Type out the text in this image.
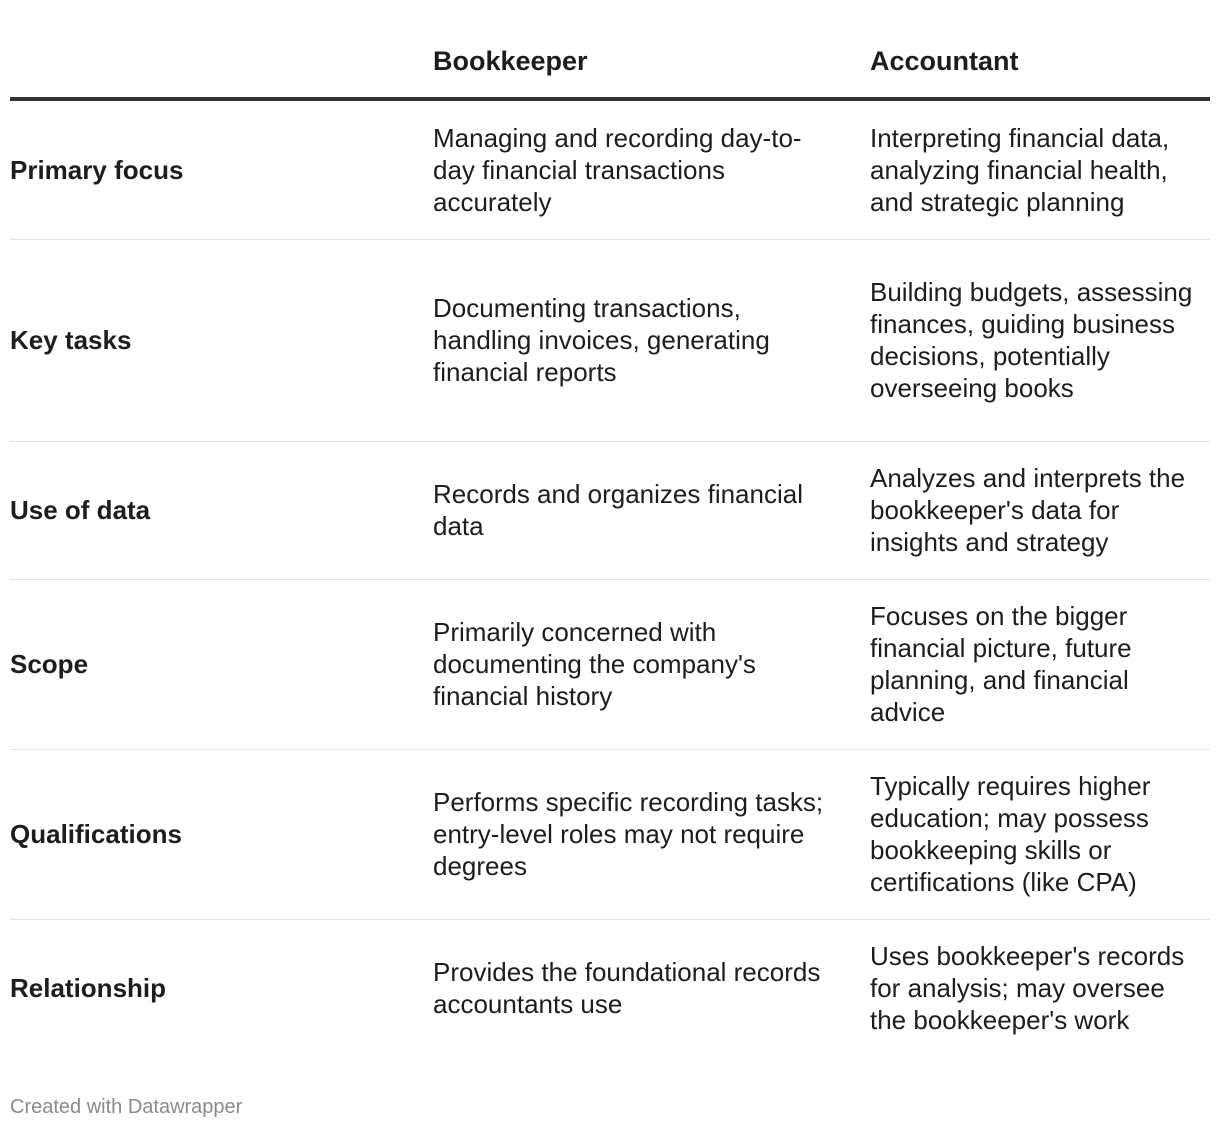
	Bookkeeper	Accountant
Primary focus	Managing and recording day-to-day financial transactions accurately	Interpreting financial data, analyzing financial health, and strategic planning

Key tasks	Documenting transactions, handling invoices, generating financial reports	Building budgets, assessing finances, guiding business decisions, potentially overseeing books

Use of data	Records and organizes financial data	Analyzes and interprets the bookkeeper's data for insights and strategy

Scope	Primarily concerned with documenting the company's financial history	Focuses on the bigger financial picture, future planning, and financial advice

Qualifications	Performs specific recording tasks; entry-level roles may not require degrees	Typically requires higher education; may possess bookkeeping skills or certifications (like CPA)

Relationship	Provides the foundational records accountants use	Uses bookkeeper's records for analysis; may oversee the bookkeeper's work
Created with Datawrapper
